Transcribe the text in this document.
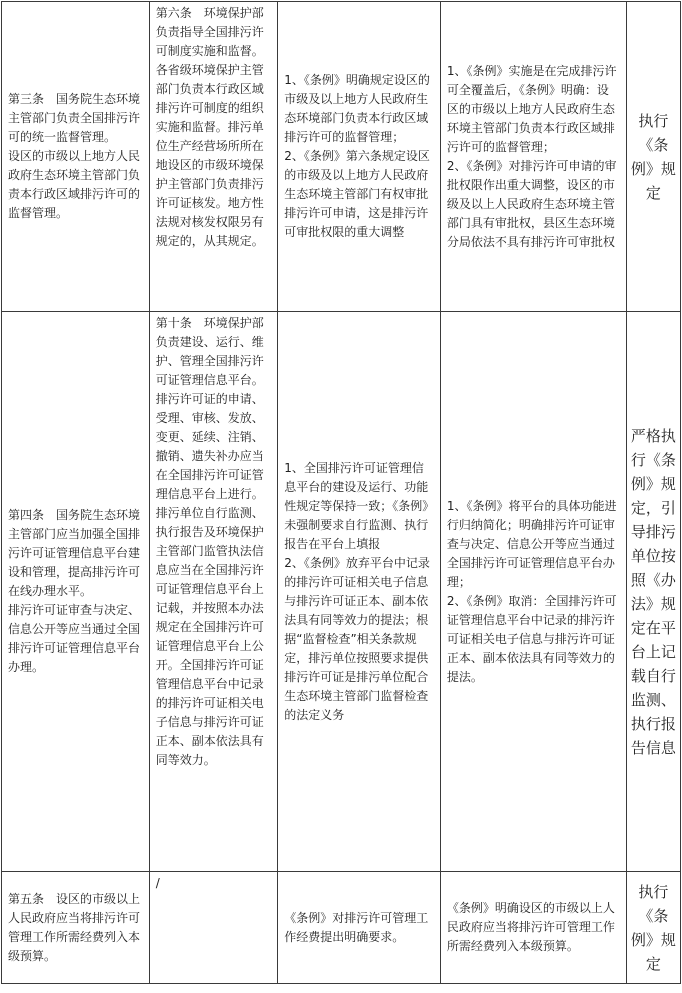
第三条　国务院生态环境主管部门负责全国排污许可的统一监督管理。
设区的市级以上地方人民政府生态环境主管部门负责本行政区域排污许可的监督管理。	第六条　环境保护部负责指导全国排污许可制度实施和监督。各省级环境保护主管部门负责本行政区域排污许可制度的组织实施和监督。排污单位生产经营场所所在地设区的市级环境保护主管部门负责排污许可证核发。地方性法规对核发权限另有规定的，从其规定。	1、《条例》明确规定设区的市级及以上地方人民政府生态环境部门负责本行政区域排污许可的监督管理；
2、《条例》第六条规定设区的市级及以上地方人民政府生态环境主管部门有权审批排污许可申请，这是排污许可审批权限的重大调整	1、《条例》实施是在完成排污许可全覆盖后，《条例》明确：设区的市级以上地方人民政府生态环境主管部门负责本行政区域排污许可的监督管理；
2、《条例》对排污许可申请的审批权限作出重大调整，设区的市级及以上人民政府生态环境主管部门具有审批权，县区生态环境分局依法不具有排污许可审批权	执行《条例》规定
第四条　国务院生态环境主管部门应当加强全国排污许可证管理信息平台建设和管理，提高排污许可在线办理水平。
排污许可证审查与决定、信息公开等应当通过全国排污许可证管理信息平台办理。	第十条　环境保护部负责建设、运行、维护、管理全国排污许可证管理信息平台。排污许可证的申请、受理、审核、发放、变更、延续、注销、撤销、遗失补办应当在全国排污许可证管理信息平台上进行。排污单位自行监测、执行报告及环境保护主管部门监管执法信息应当在全国排污许可证管理信息平台上记载，并按照本办法规定在全国排污许可证管理信息平台上公开。全国排污许可证管理信息平台中记录的排污许可证相关电子信息与排污许可证正本、副本依法具有同等效力。	1、全国排污许可证管理信息平台的建设及运行、功能性规定等保持一致；《条例》未强制要求自行监测、执行报告在平台上填报
2、《条例》放弃平台中记录的排污许可证相关电子信息与排污许可证正本、副本依法具有同等效力的提法；根据“监督检查”相关条款规定，排污单位按照要求提供排污许可证是排污单位配合生态环境主管部门监督检查的法定义务	1、《条例》将平台的具体功能进行归纳简化；明确排污许可证审查与决定、信息公开等应当通过全国排污许可证管理信息平台办理；
2、《条例》取消：全国排污许可证管理信息平台中记录的排污许可证相关电子信息与排污许可证正本、副本依法具有同等效力的提法。	严格执行《条例》规定，引导排污单位按照《办法》规定在平台上记载自行监测、执行报告信息
第五条　设区的市级以上人民政府应当将排污许可管理工作所需经费列入本级预算。	/	《条例》对排污许可管理工作经费提出明确要求。	《条例》明确设区的市级以上人民政府应当将排污许可管理工作所需经费列入本级预算。	执行《条例》规定
